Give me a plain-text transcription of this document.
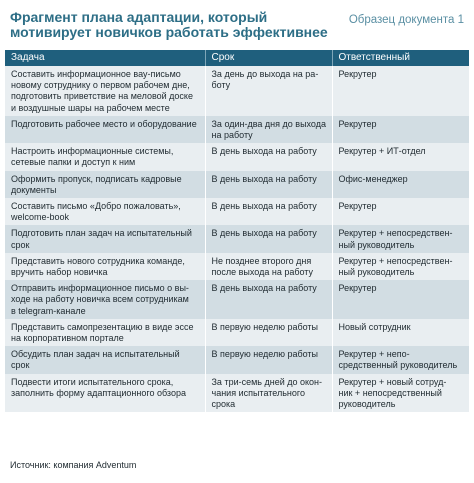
Фрагмент плана адаптации, который мотивирует новичков работать эффективнее
Образец документа 1
Задача	Срок	Ответственный
Составить информационное вау-письмо
новому сотруднику о первом рабочем дне,
подготовить приветствие на меловой доске
и воздушные шары на рабочем месте	За день до выхода на ра-
боту	Рекрутер
Подготовить рабочее место и оборудование	За один-два дня до выхода
на работу	Рекрутер
Настроить информационные системы,
сетевые папки и доступ к ним	В день выхода на работу	Рекрутер + ИТ-отдел
Оформить пропуск, подписать кадровые
документы	В день выхода на работу	Офис-менеджер
Составить письмо «Добро пожаловать»,
welcome-book	В день выхода на работу	Рекрутер
Подготовить план задач на испытательный
срок	В день выхода на работу	Рекрутер + непосредствен-
ный руководитель
Представить нового сотрудника команде,
вручить набор новичка	Не позднее второго дня
после выхода на работу	Рекрутер + непосредствен-
ный руководитель
Отправить информационное письмо о вы-
ходе на работу новичка всем сотрудникам
в telegram-канале	В день выхода на работу	Рекрутер
Представить самопрезентацию в виде эссе
на корпоративном портале	В первую неделю работы	Новый сотрудник
Обсудить план задач на испытательный
срок	В первую неделю работы	Рекрутер + непо-
средственный руководитель
Подвести итоги испытательного срока,
заполнить форму адаптационного обзора	За три-семь дней до окон-
чания испытательного
срока	Рекрутер + новый сотруд-
ник + непосредственный
руководитель
Источник: компания Adventum
